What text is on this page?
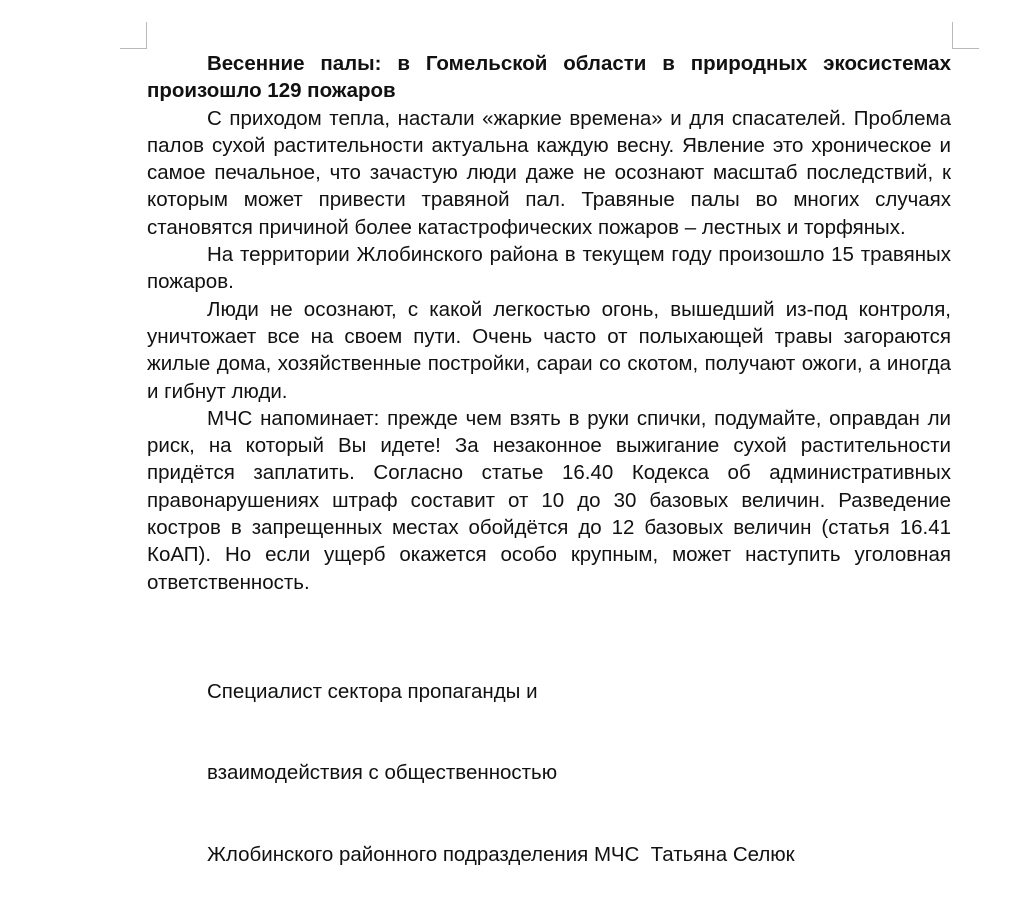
Весенние палы: в Гомельской области в природных экосистемах произошло 129 пожаров

С приходом тепла, настали «жаркие времена» и для спасателей. Проблема палов сухой растительности актуальна каждую весну. Явление это хроническое и самое печальное, что зачастую люди даже не осознают масштаб последствий, к которым может привести травяной пал. Травяные палы во многих случаях становятся причиной более катастрофических пожаров – лестных и торфяных.

На территории Жлобинского района в текущем году произошло 15 травяных пожаров.

Люди не осознают, с какой легкостью огонь, вышедший из-под контроля, уничтожает все на своем пути. Очень часто от полыхающей травы загораются жилые дома, хозяйственные постройки, сараи со скотом, получают ожоги, а иногда и гибнут люди.

МЧС напоминает: прежде чем взять в руки спички, подумайте, оправдан ли риск, на который Вы идете! За незаконное выжигание сухой растительности придётся заплатить. Согласно статье 16.40 Кодекса об административных правонарушениях штраф составит от 10 до 30 базовых величин. Разведение костров в запрещенных местах обойдётся до 12 базовых величин (статья 16.41 КоАП). Но если ущерб окажется особо крупным, может наступить уголовная ответственность.

Специалист сектора пропаганды и

взаимодействия с общественностью

Жлобинского районного подразделения МЧС  Татьяна Селюк
